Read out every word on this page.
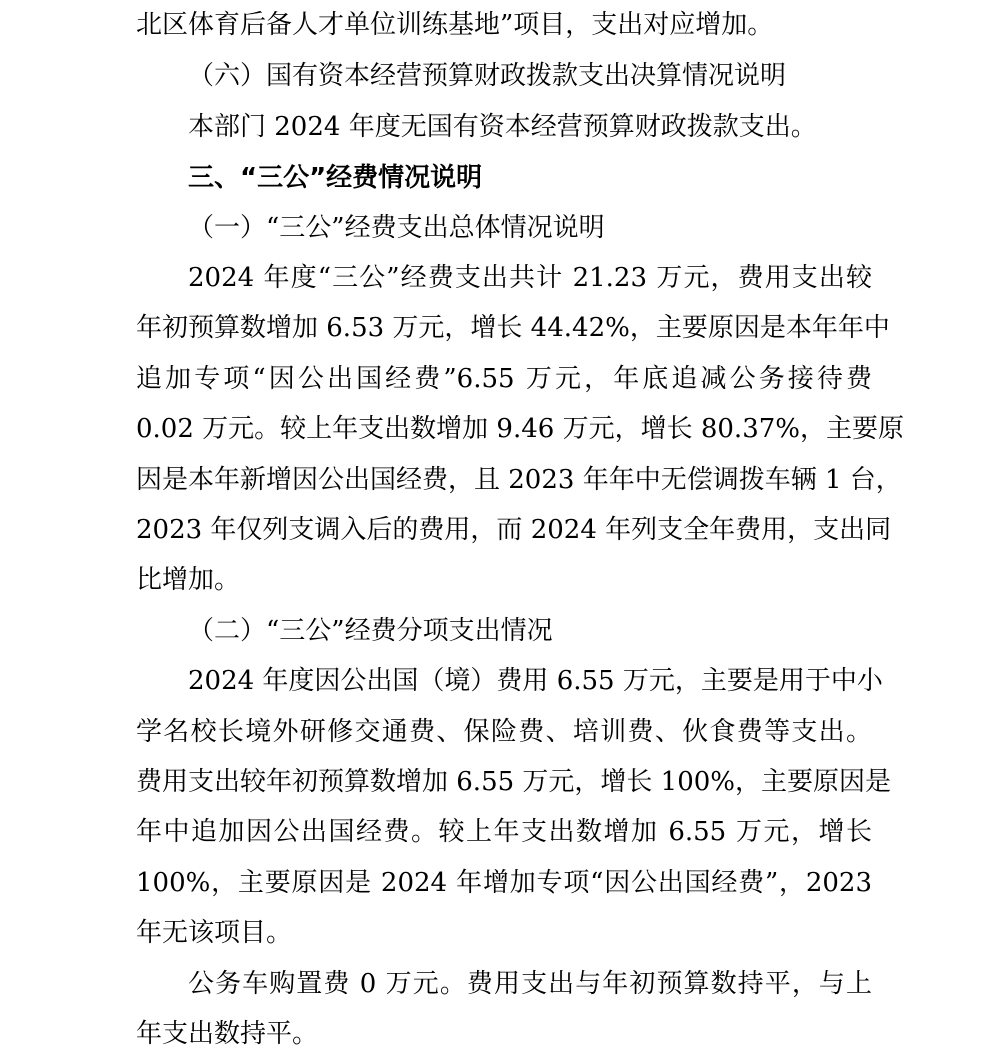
北区体育后备人才单位训练基地”项目，支出对应增加。
（六）国有资本经营预算财政拨款支出决算情况说明
本部门 2024 年度无国有资本经营预算财政拨款支出。
三、“三公”经费情况说明
（一）“三公”经费支出总体情况说明
2024 年度“三公”经费支出共计 21.23 万元，费用支出较
年初预算数增加 6.53 万元，增长 44.42%，主要原因是本年年中
追加专项“因公出国经费”6.55 万元，年底追减公务接待费
0.02 万元。较上年支出数增加 9.46 万元，增长 80.37%，主要原
因是本年新增因公出国经费，且 2023 年年中无偿调拨车辆 1 台，
2023 年仅列支调入后的费用，而 2024 年列支全年费用，支出同
比增加。
（二）“三公”经费分项支出情况
2024 年度因公出国（境）费用 6.55 万元，主要是用于中小
学名校长境外研修交通费、保险费、培训费、伙食费等支出。
费用支出较年初预算数增加 6.55 万元，增长 100%，主要原因是
年中追加因公出国经费。较上年支出数增加 6.55 万元，增长
100%，主要原因是 2024 年增加专项“因公出国经费”，2023
年无该项目。
公务车购置费 0 万元。费用支出与年初预算数持平，与上
年支出数持平。
